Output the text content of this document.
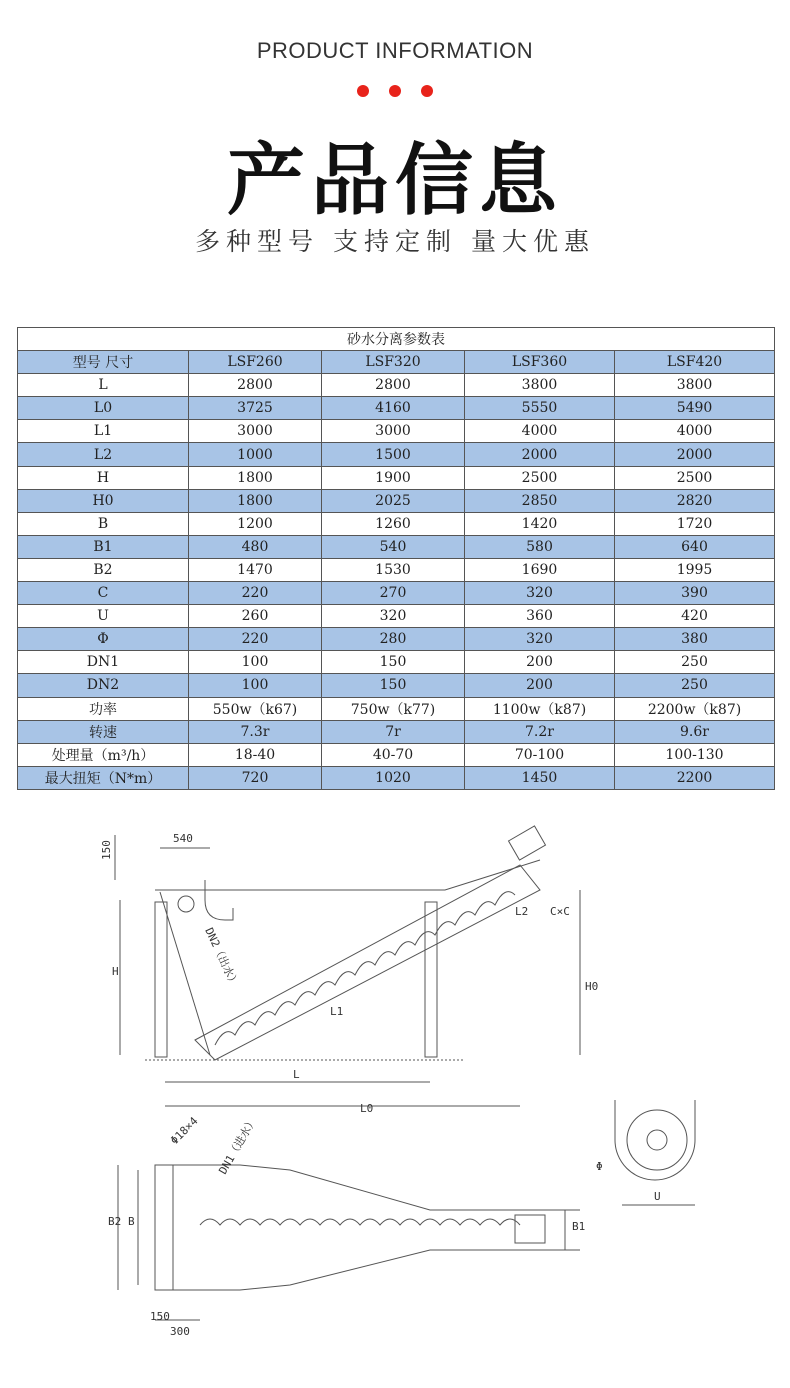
PRODUCT INFORMATION
产品信息
多种型号 支持定制 量大优惠
砂水分离参数表				
型号 尺寸	LSF260	LSF320	LSF360	LSF420
L	2800	2800	3800	3800
L0	3725	4160	5550	5490
L1	3000	3000	4000	4000
L2	1000	1500	2000	2000
H	1800	1900	2500	2500
H0	1800	2025	2850	2820
B	1200	1260	1420	1720
B1	480	540	580	640
B2	1470	1530	1690	1995
C	220	270	320	390
U	260	320	360	420
Φ	220	280	320	380
DN1	100	150	200	250
DN2	100	150	200	250
功率	550w（k67)	750w（k77)	1100w（k87)	2200w（k87)
转速	7.3r	7r	7.2r	9.6r
处理量（m³/h）	18-40	40-70	70-100	100-130
最大扭矩（N*m）	720	1020	1450	2200
150
540
H
H0
L
L0
L1
L2 C×C
DN2（出水）
DN1（进水）
B2 B	B1
Φ18×4
150
300
Φ
U
